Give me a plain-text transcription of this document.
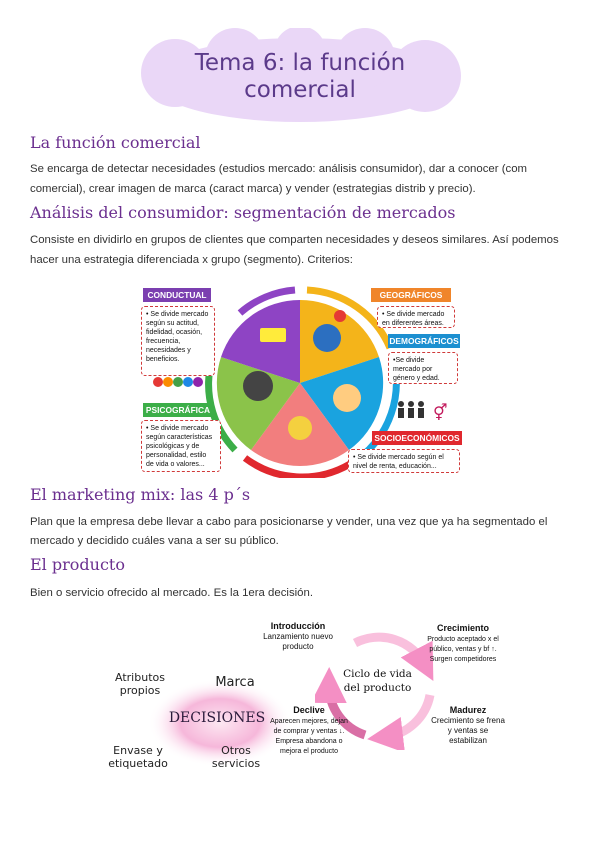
Tema 6: la función comercial
La función comercial

Se encarga de detectar necesidades (estudios mercado: análisis consumidor), dar a conocer (com

comercial), crear imagen de marca (caract marca) y vender (estrategias distrib y precio).

Análisis del consumidor: segmentación de mercados

Consiste en dividirlo en grupos de clientes que comparten necesidades y deseos similares. Así podemos

hacer una estrategia diferenciada x grupo (segmento). Criterios:

⚥
CONDUCTUAL
• Se divide mercado según su actitud, fidelidad, ocasión, frecuencia, necesidades y beneficios.
GEOGRÁFICOS
• Se divide mercado en diferentes áreas.
DEMOGRÁFICOS
•Se divide mercado por género y edad.
PSICOGRÁFICA
• Se divide mercado según características psicológicas y de personalidad, estilo de vida o valores...
SOCIOECONÓMICOS
• Se divide mercado según el nivel de renta, educación...
El marketing mix: las 4 p´s

Plan que la empresa debe llevar a cabo para posicionarse y vender, una vez que ya ha segmentado el

mercado y decidido cuáles vana a ser su público.

El producto

Bien o servicio ofrecido al mercado. Es la 1era decisión.

DECISIONES
Atributos propios
Marca
Envase y etiquetado
Otros servicios
Ciclo de vida del producto
Introducción
Lanzamiento nuevo producto
Crecimiento
Producto aceptado x el público, ventas y bf ↑. Surgen competidores
Madurez
Crecimiento se frena y ventas se estabilizan
Declive
Aparecen mejores, dejan de comprar y ventas ↓. Empresa abandona o mejora el producto
